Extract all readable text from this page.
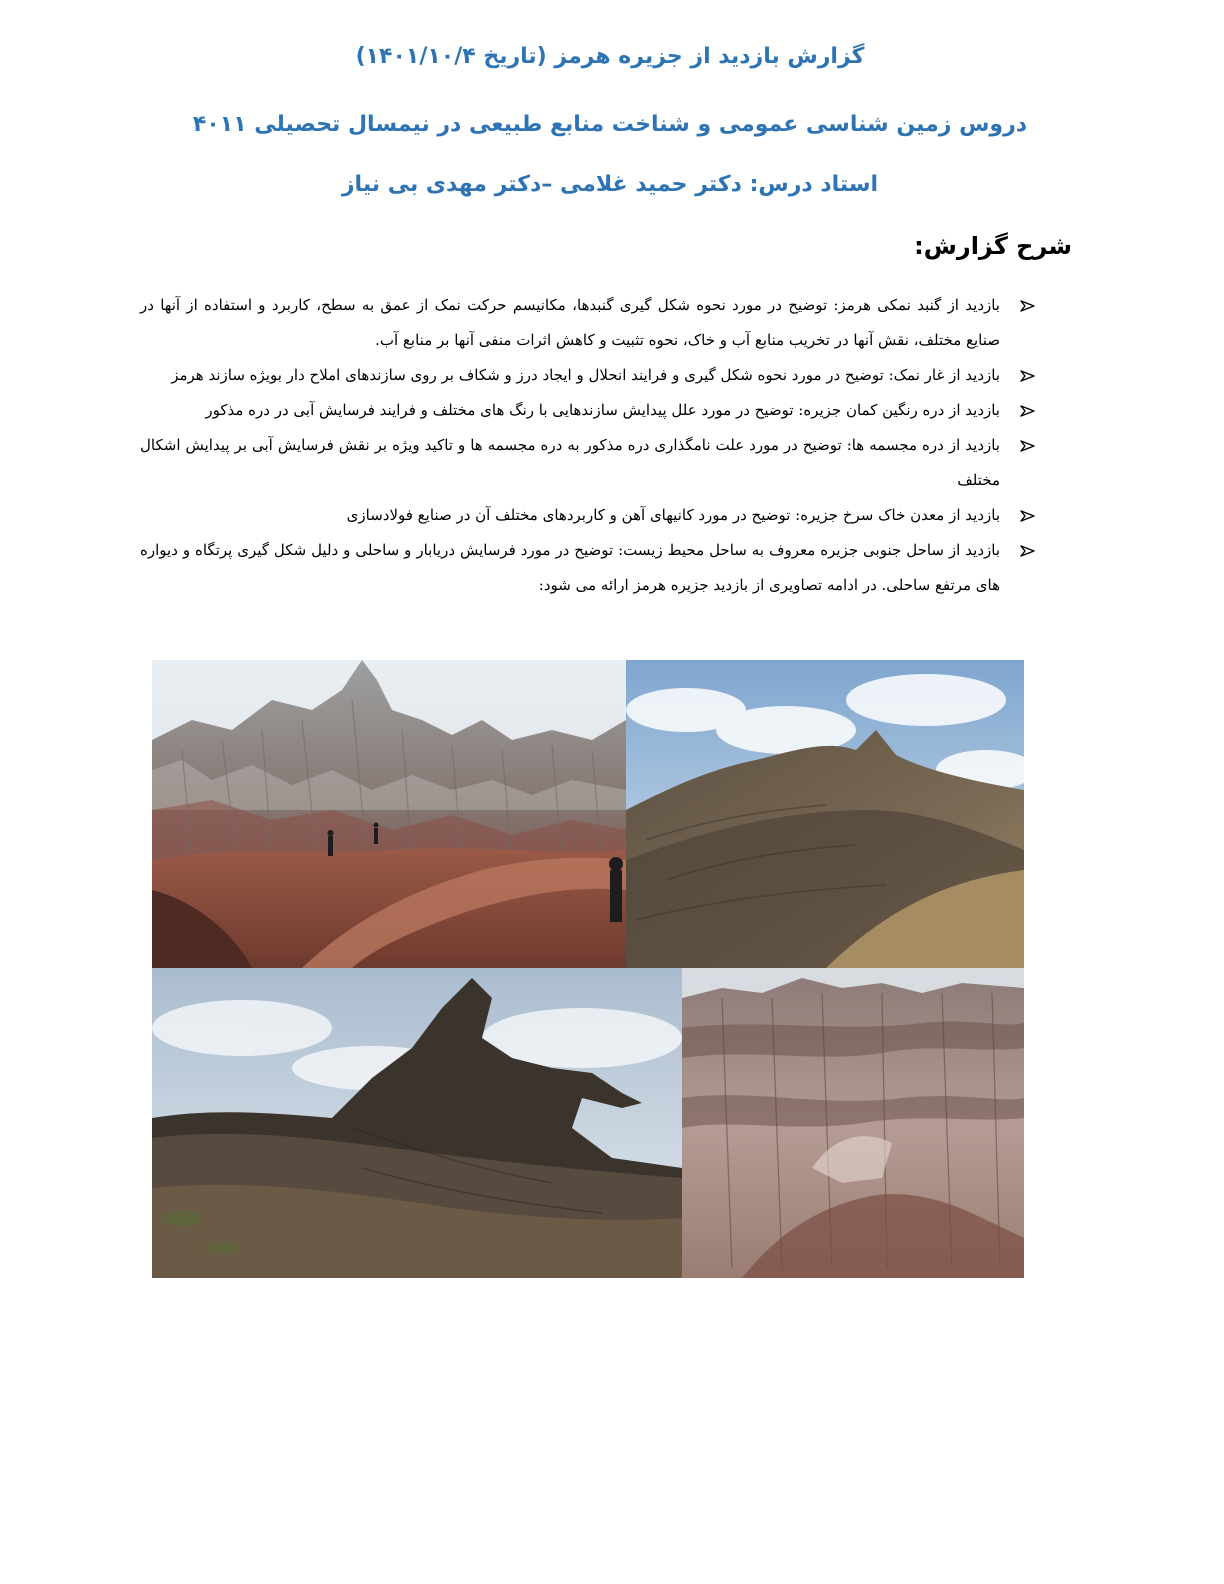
گزارش بازدید از جزیره هرمز (تاریخ ۱۴۰۱/۱۰/۴)
دروس زمین شناسی عمومی و شناخت منابع طبیعی در نیمسال تحصیلی ۴۰۱۱
استاد درس: دکتر حمید غلامی –دکتر مهدی بی نیاز
شرح گزارش:
بازدید از گنبد نمکی هرمز: توضیح در مورد نحوه شکل گیری گنبدها، مکانیسم حرکت نمک از عمق به سطح، کاربرد و استفاده از آنها در صنایع مختلف، نقش آنها در تخریب منابع آب و خاک، نحوه تثبیت و کاهش اثرات منفی آنها بر منابع آب.
بازدید از غار نمک: توضیح در مورد نحوه شکل گیری و فرایند انحلال و ایجاد درز و شکاف بر روی سازندهای املاح دار بویژه سازند هرمز
بازدید از دره رنگین کمان جزیره: توضیح در مورد علل پیدایش سازندهایی با رنگ های مختلف و فرایند فرسایش آبی در دره مذکور
بازدید از دره مجسمه ها: توضیح در مورد علت نامگذاری دره مذکور به دره مجسمه ها و تاکید ویژه بر نقش فرسایش آبی بر پیدایش اشکال مختلف
بازدید از معدن خاک سرخ جزیره: توضیح در مورد کانیهای آهن و کاربردهای مختلف آن در صنایع فولادسازی
بازدید از ساحل جنوبی جزیره معروف به ساحل محیط زیست: توضیح در مورد فرسایش دریابار و ساحلی و دلیل شکل گیری پرتگاه و دیواره های مرتفع ساحلی. در ادامه تصاویری از بازدید جزیره هرمز ارائه می شود:
